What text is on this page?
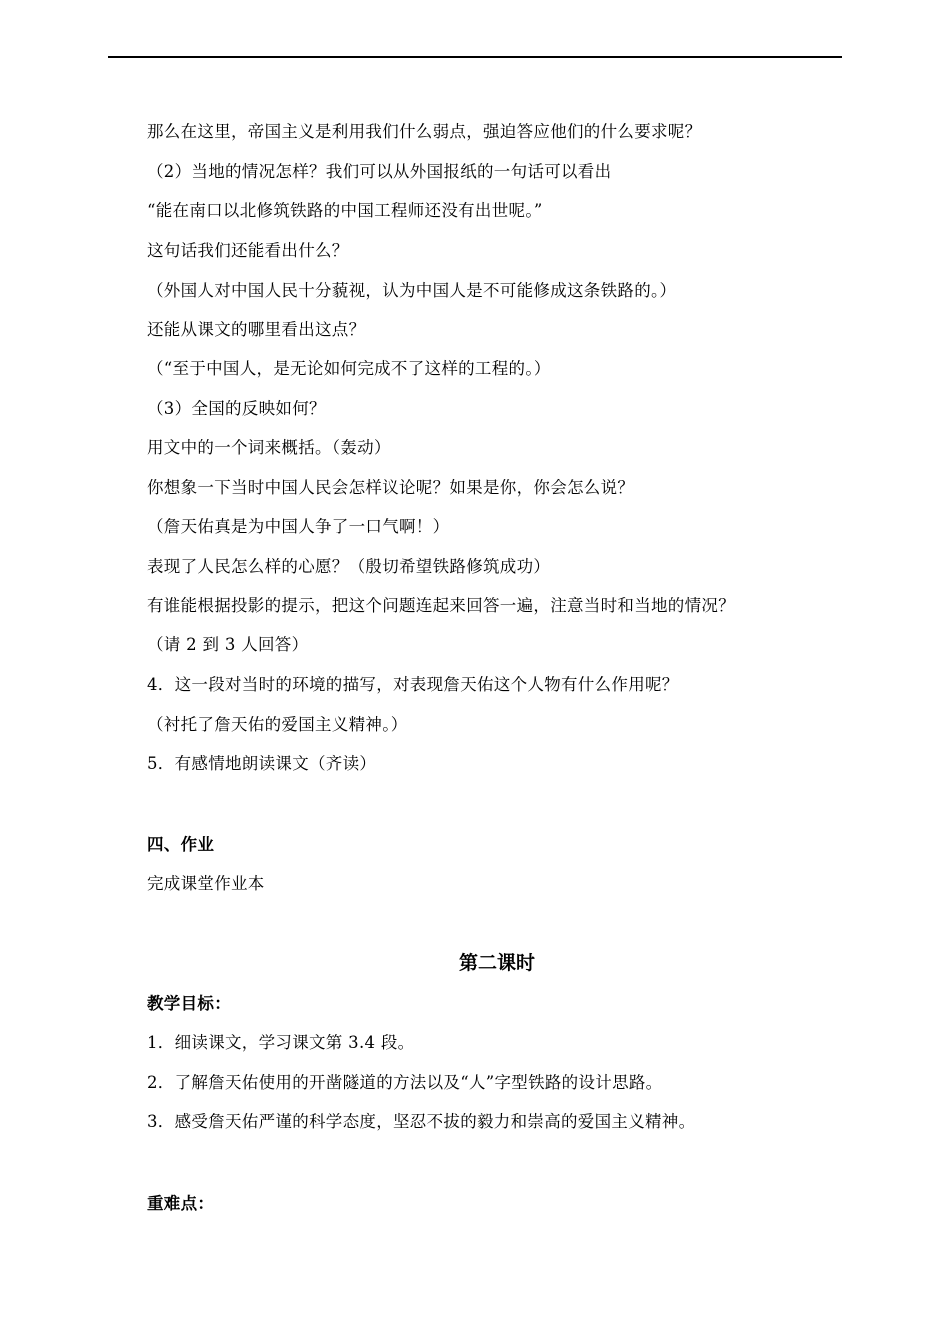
那么在这里，帝国主义是利用我们什么弱点，强迫答应他们的什么要求呢？
（2）当地的情况怎样？我们可以从外国报纸的一句话可以看出
“能在南口以北修筑铁路的中国工程师还没有出世呢。”
这句话我们还能看出什么？
（外国人对中国人民十分藐视，认为中国人是不可能修成这条铁路的。）
还能从课文的哪里看出这点？
（“至于中国人，是无论如何完成不了这样的工程的。）
（3）全国的反映如何？
用文中的一个词来概括。（轰动）
你想象一下当时中国人民会怎样议论呢？如果是你，你会怎么说？
（詹天佑真是为中国人争了一口气啊！）
表现了人民怎么样的心愿？（殷切希望铁路修筑成功）
有谁能根据投影的提示，把这个问题连起来回答一遍，注意当时和当地的情况？
（请 2 到 3 人回答）
4．这一段对当时的环境的描写，对表现詹天佑这个人物有什么作用呢？
（衬托了詹天佑的爱国主义精神。）
5．有感情地朗读课文（齐读）
四、作业
完成课堂作业本
第二课时
教学目标：
1．细读课文，学习课文第 3.4 段。
2．了解詹天佑使用的开凿隧道的方法以及“人”字型铁路的设计思路。
3．感受詹天佑严谨的科学态度，坚忍不拔的毅力和崇高的爱国主义精神。
重难点：
